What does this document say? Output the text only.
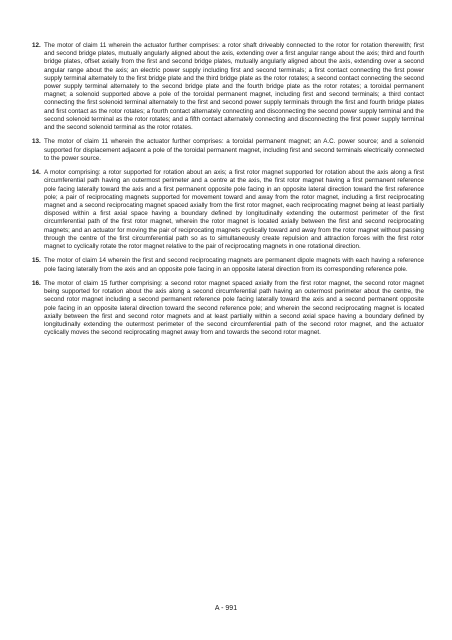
12. The motor of claim 11 wherein the actuator further comprises: a rotor shaft driveably connected to the rotor for rotation therewith; first and second bridge plates, mutually angularly aligned about the axis, extending over a first angular range about the axis; third and fourth bridge plates, offset axially from the first and second bridge plates, mutually angularly aligned about the axis, extending over a second angular range about the axis; an electric power supply including first and second terminals; a first contact connecting the first power supply terminal alternately to the first bridge plate and the third bridge plate as the rotor rotates; a second contact connecting the second power supply terminal alternately to the second bridge plate and the fourth bridge plate as the rotor rotates; a toroidal permanent magnet; a solenoid supported above a pole of the toroidal permanent magnet, including first and second terminals; a third contact connecting the first solenoid terminal alternately to the first and second power supply terminals through the first and fourth bridge plates and first contact as the rotor rotates; a fourth contact alternately connecting and disconnecting the second power supply terminal and the second solenoid terminal as the rotor rotates; and a fifth contact alternately connecting and disconnecting the first power supply terminal and the second solenoid terminal as the rotor rotates.
13. The motor of claim 11 wherein the actuator further comprises: a toroidal permanent magnet; an A.C. power source; and a solenoid supported for displacement adjacent a pole of the toroidal permanent magnet, including first and second terminals electrically connected to the power source.
14. A motor comprising: a rotor supported for rotation about an axis; a first rotor magnet supported for rotation about the axis along a first circumferential path having an outermost perimeter and a centre at the axis, the first rotor magnet having a first permanent reference pole facing laterally toward the axis and a first permanent opposite pole facing in an opposite lateral direction toward the first reference pole; a pair of reciprocating magnets supported for movement toward and away from the rotor magnet, including a first reciprocating magnet and a second reciprocating magnet spaced axially from the first rotor magnet, each reciprocating magnet being at least partially disposed within a first axial space having a boundary defined by longitudinally extending the outermost perimeter of the first circumferential path of the first rotor magnet, wherein the rotor magnet is located axially between the first and second reciprocating magnets; and an actuator for moving the pair of reciprocating magnets cyclically toward and away from the rotor magnet without passing through the centre of the first circumferential path so as to simultaneously create repulsion and attraction forces with the first rotor magnet to cyclically rotate the rotor magnet relative to the pair of reciprocating magnets in one rotational direction.
15. The motor of claim 14 wherein the first and second reciprocating magnets are permanent dipole magnets with each having a reference pole facing laterally from the axis and an opposite pole facing in an opposite lateral direction from its corresponding reference pole.
16. The motor of claim 15 further comprising: a second rotor magnet spaced axially from the first rotor magnet, the second rotor magnet being supported for rotation about the axis along a second circumferential path having an outermost perimeter about the centre, the second rotor magnet including a second permanent reference pole facing laterally toward the axis and a second permanent opposite pole facing in an opposite lateral direction toward the second reference pole; and wherein the second reciprocating magnet is located axially between the first and second rotor magnets and at least partially within a second axial space having a boundary defined by longitudinally extending the outermost perimeter of the second circumferential path of the second rotor magnet, and the actuator cyclically moves the second reciprocating magnet away from and towards the second rotor magnet.
A - 991
